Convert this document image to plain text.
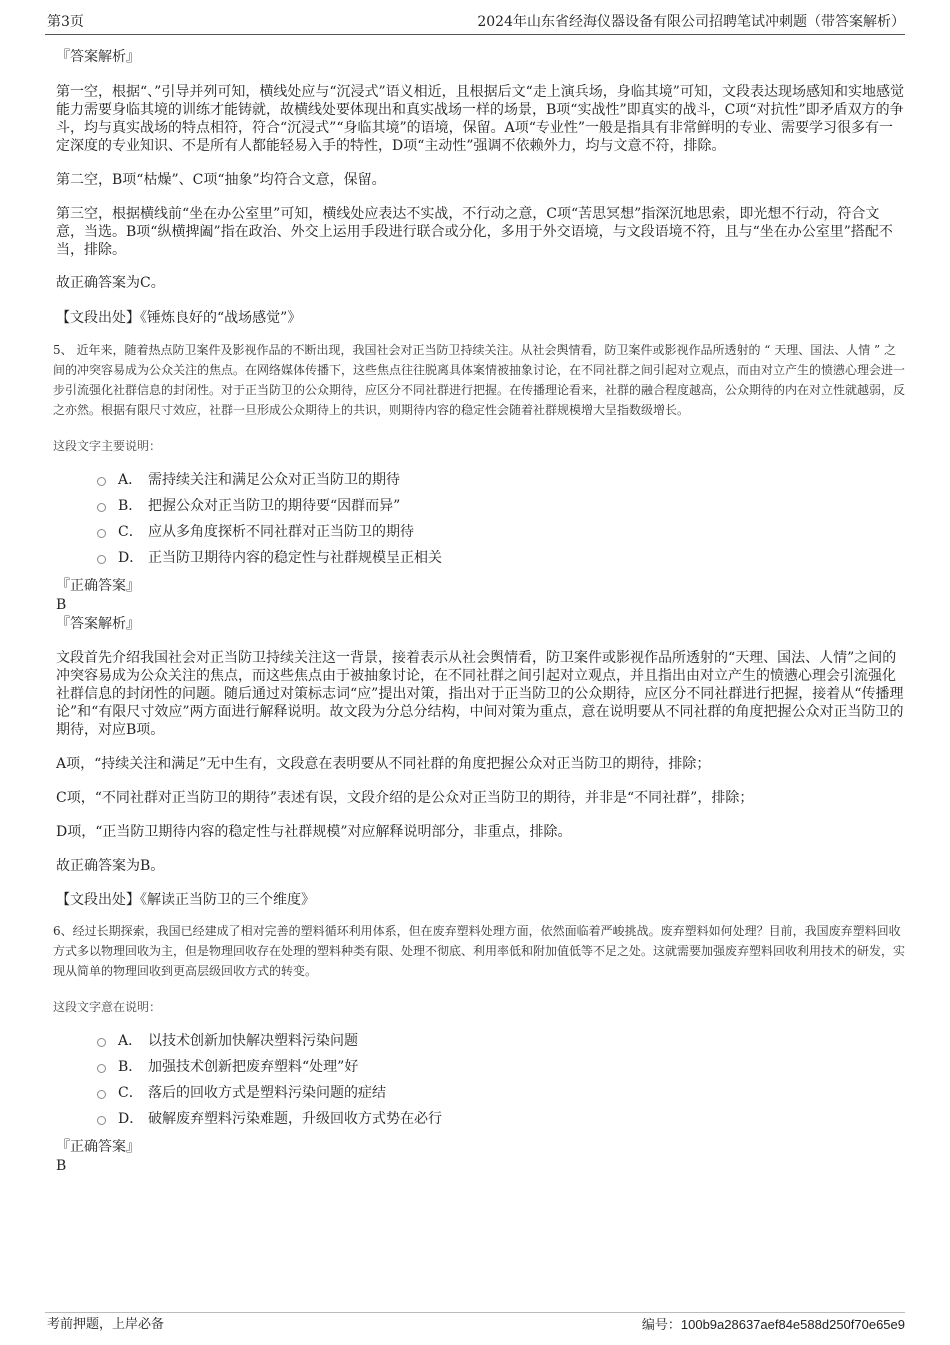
第3页	2024年山东省经海仪器设备有限公司招聘笔试冲刺题（带答案解析）

『答案解析』

第一空，根据“、”引导并列可知，横线处应与“沉浸式”语义相近，且根据后文“走上演兵场，身临其境”可知，文段表达现场感知和实地感觉能力需要身临其境的训练才能铸就，故横线处要体现出和真实战场一样的场景，B项“实战性”即真实的战斗，C项“对抗性”即矛盾双方的争斗，均与真实战场的特点相符，符合“沉浸式”“身临其境”的语境，保留。A项“专业性”一般是指具有非常鲜明的专业、需要学习很多有一定深度的专业知识、不是所有人都能轻易入手的特性，D项“主动性”强调不依赖外力，均与文意不符，排除。

第二空，B项“枯燥”、C项“抽象”均符合文意，保留。

第三空，根据横线前“坐在办公室里”可知，横线处应表达不实战，不行动之意，C项“苦思冥想”指深沉地思索，即光想不行动，符合文意，当选。B项“纵横捭阖”指在政治、外交上运用手段进行联合或分化，多用于外交语境，与文段语境不符，且与“坐在办公室里”搭配不当，排除。

故正确答案为C。

【文段出处】《锤炼良好的“战场感觉”》

5、 近年来，随着热点防卫案件及影视作品的不断出现，我国社会对正当防卫持续关注。从社会舆情看，防卫案件或影视作品所透射的 “ 天理、国法、人情 ” 之间的冲突容易成为公众关注的焦点。在网络媒体传播下，这些焦点往往脱离具体案情被抽象讨论，在不同社群之间引起对立观点，而由对立产生的愤懑心理会进一步引流强化社群信息的封闭性。对于正当防卫的公众期待，应区分不同社群进行把握。在传播理论看来，社群的融合程度越高，公众期待的内在对立性就越弱，反之亦然。根据有限尺寸效应，社群一旦形成公众期待上的共识，则期待内容的稳定性会随着社群规模增大呈指数级增长。

这段文字主要说明：

A． 需持续关注和满足公众对正当防卫的期待
B． 把握公众对正当防卫的期待要“因群而异”
C． 应从多角度探析不同社群对正当防卫的期待
D． 正当防卫期待内容的稳定性与社群规模呈正相关

『正确答案』

B

『答案解析』

文段首先介绍我国社会对正当防卫持续关注这一背景，接着表示从社会舆情看，防卫案件或影视作品所透射的“天理、国法、人情”之间的冲突容易成为公众关注的焦点，而这些焦点由于被抽象讨论，在不同社群之间引起对立观点，并且指出由对立产生的愤懑心理会引流强化社群信息的封闭性的问题。随后通过对策标志词“应”提出对策，指出对于正当防卫的公众期待，应区分不同社群进行把握，接着从“传播理论”和“有限尺寸效应”两方面进行解释说明。故文段为分总分结构，中间对策为重点，意在说明要从不同社群的角度把握公众对正当防卫的期待，对应B项。

A项，“持续关注和满足”无中生有，文段意在表明要从不同社群的角度把握公众对正当防卫的期待，排除；

C项，“不同社群对正当防卫的期待”表述有误，文段介绍的是公众对正当防卫的期待，并非是“不同社群”，排除；

D项，“正当防卫期待内容的稳定性与社群规模”对应解释说明部分，非重点，排除。

故正确答案为B。

【文段出处】《解读正当防卫的三个维度》

6、经过长期探索，我国已经建成了相对完善的塑料循环利用体系，但在废弃塑料处理方面，依然面临着严峻挑战。废弃塑料如何处理？目前，我国废弃塑料回收方式多以物理回收为主，但是物理回收存在处理的塑料种类有限、处理不彻底、利用率低和附加值低等不足之处。这就需要加强废弃塑料回收利用技术的研发，实现从简单的物理回收到更高层级回收方式的转变。

这段文字意在说明：

A． 以技术创新加快解决塑料污染问题
B． 加强技术创新把废弃塑料“处理”好
C． 落后的回收方式是塑料污染问题的症结
D． 破解废弃塑料污染难题，升级回收方式势在必行

『正确答案』

B

考前押题，上岸必备	编号：100b9a28637aef84e588d250f70e65e9
